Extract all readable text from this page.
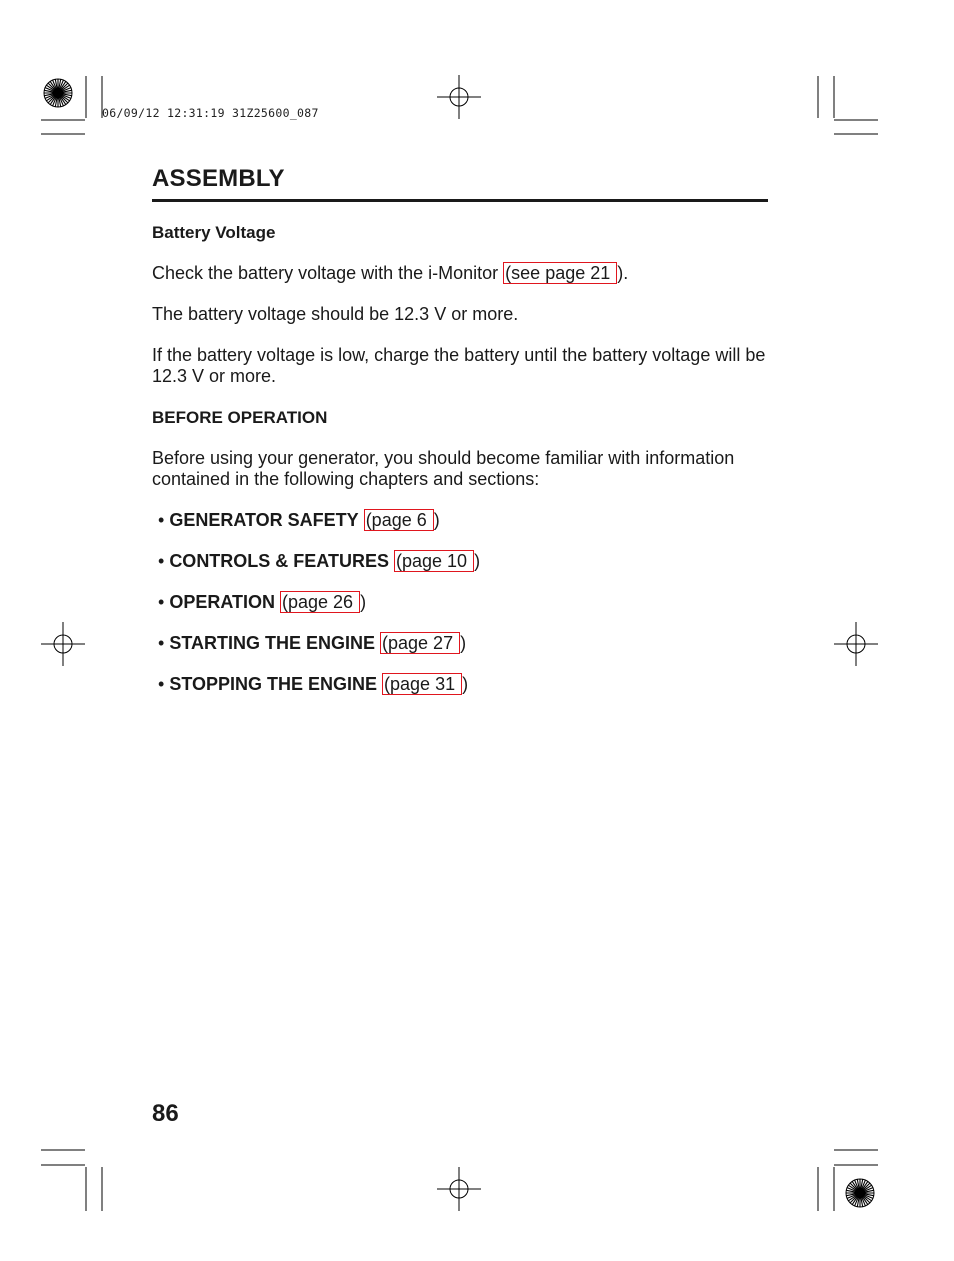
06/09/12 12:31:19 31Z25600_087
ASSEMBLY

Battery Voltage

Check the battery voltage with the i-Monitor (see page 21 ).

The battery voltage should be 12.3 V or more.

If the battery voltage is low, charge the battery until the battery voltage will be 12.3 V or more.

BEFORE OPERATION

Before using your generator, you should become familiar with information contained in the following chapters and sections:

• GENERATOR SAFETY (page 6 )
• CONTROLS & FEATURES (page 10 )
• OPERATION (page 26 )
• STARTING THE ENGINE (page 27 )
• STOPPING THE ENGINE (page 31 )

86
